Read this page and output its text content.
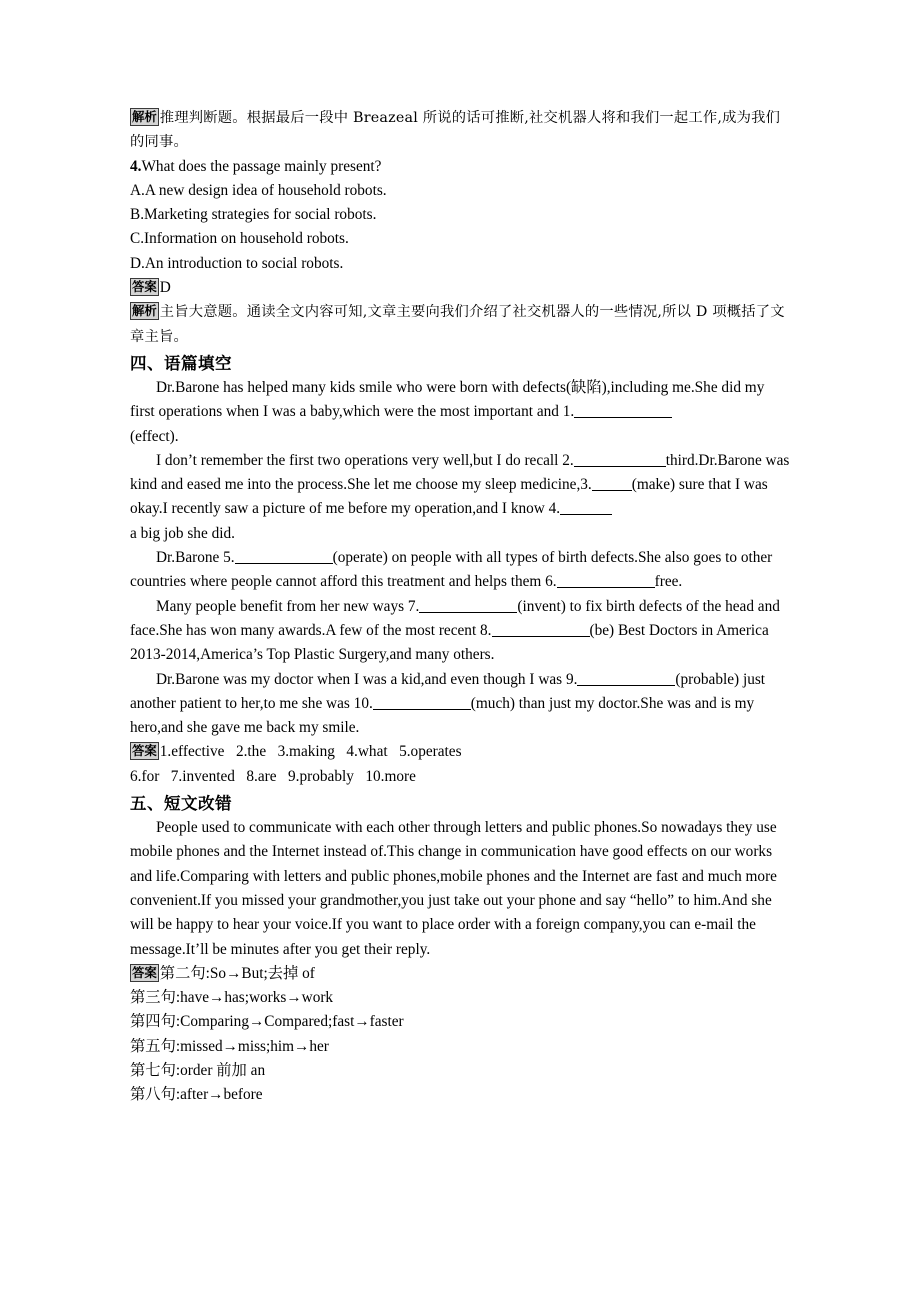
解析 推理判断题。根据最后一段中 Breazeal 所说的话可推断,社交机器人将和我们一起工作,成为我们的同事。
4.What does the passage mainly present?
A.A new design idea of household robots.
B.Marketing strategies for social robots.
C.Information on household robots.
D.An introduction to social robots.
答案 D
解析 主旨大意题。通读全文内容可知,文章主要向我们介绍了社交机器人的一些情况,所以 D 项概括了文章主旨。
四、语篇填空
Dr.Barone has helped many kids smile who were born with defects(缺陷),including me.She did my first operations when I was a baby,which were the most important and 1.
(effect).
I don’t remember the first two operations very well,but I do recall 2.	third.Dr.Barone was kind and eased me into the process.She let me choose my sleep medicine,3.	(make) sure that I was okay.I recently saw a picture of me before my operation,and I know 4.
a big job she did.
Dr.Barone 5.	(operate) on people with all types of birth defects.She also goes to other countries where people cannot afford this treatment and helps them 6.	free.
Many people benefit from her new ways 7.	(invent) to fix birth defects of the head and face.She has won many awards.A few of the most recent 8.	(be) Best Doctors in America 2013-2014,America’s Top Plastic Surgery,and many others.
Dr.Barone was my doctor when I was a kid,and even though I was 9.	(probable) just another patient to her,to me she was 10.	(much) than just my doctor.She was and is my hero,and she gave me back my smile.
答案 1.effective   2.the   3.making   4.what   5.operates
6.for   7.invented   8.are   9.probably   10.more
五、短文改错
People used to communicate with each other through letters and public phones.So nowadays they use mobile phones and the Internet instead of.This change in communication have good effects on our works and life.Comparing with letters and public phones,mobile phones and the Internet are fast and much more convenient.If you missed your grandmother,you just take out your phone and say “hello” to him.And she will be happy to hear your voice.If you want to place order with a foreign company,you can e-mail the message.It’ll be minutes after you get their reply.
答案 第二句:So→But;去掉 of
第三句:have→has;works→work
第四句:Comparing→Compared;fast→faster
第五句:missed→miss;him→her
第七句:order 前加 an
第八句:after→before
